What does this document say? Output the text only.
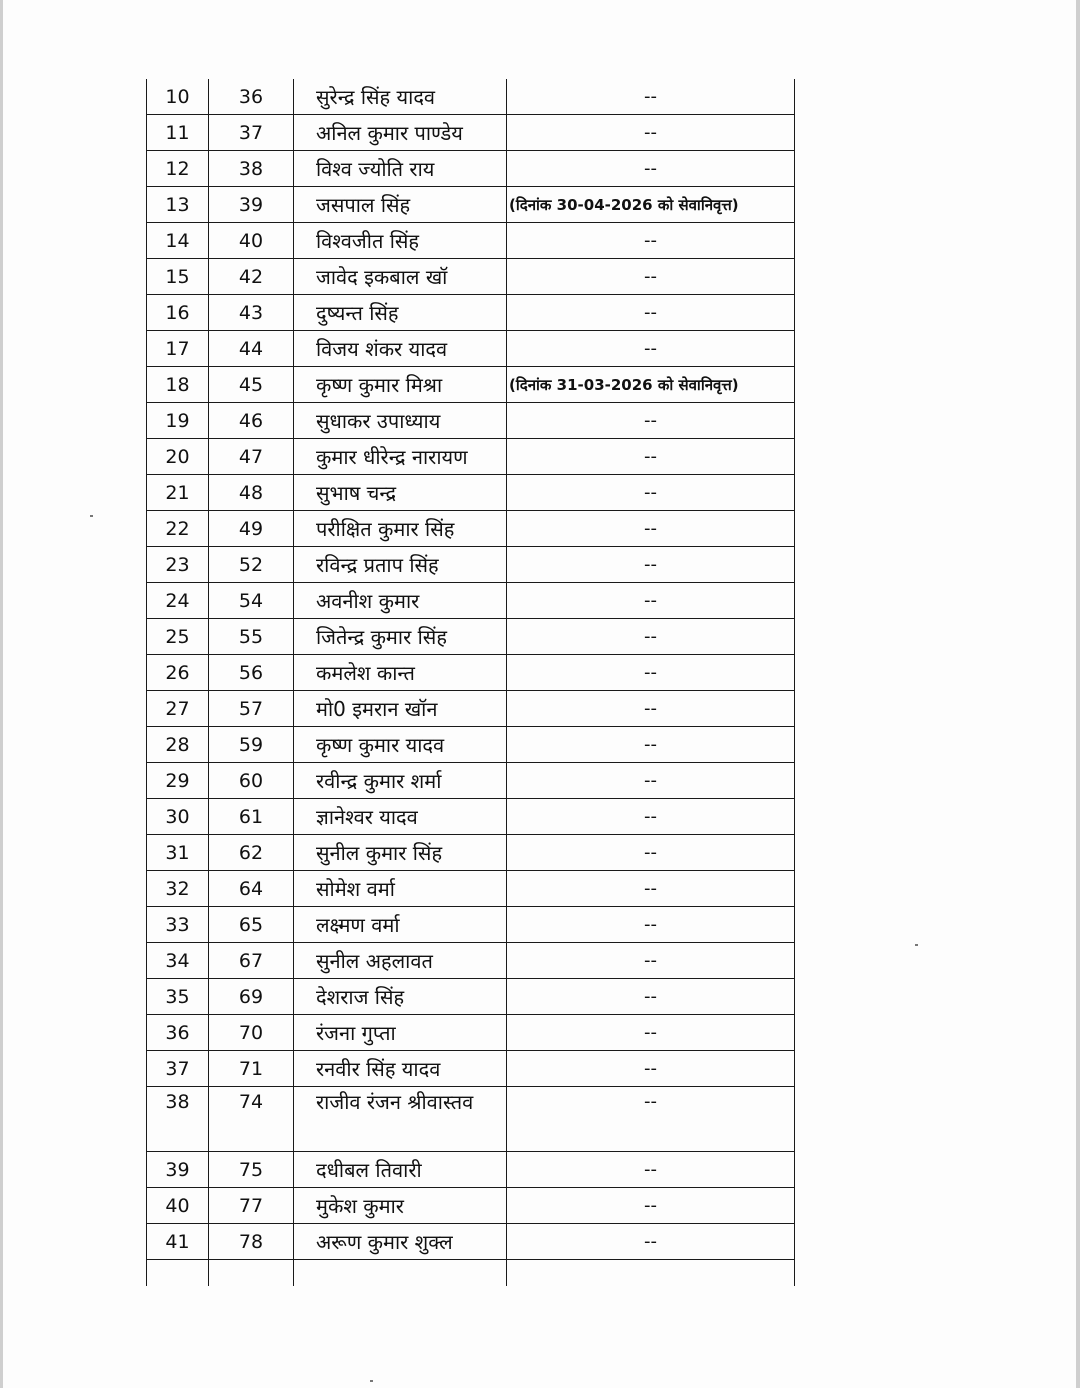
10	36	सुरेन्द्र सिंह यादव	--
11	37	अनिल कुमार पाण्डेय	--
12	38	विश्व ज्योति राय	--
13	39	जसपाल सिंह	(दिनांक 30-04-2026 को सेवानिवृत्त)
14	40	विश्वजीत सिंह	--
15	42	जावेद इकबाल खॉ	--
16	43	दुष्यन्त सिंह	--
17	44	विजय शंकर यादव	--
18	45	कृष्ण कुमार मिश्रा	(दिनांक 31-03-2026 को सेवानिवृत्त)
19	46	सुधाकर उपाध्याय	--
20	47	कुमार धीरेन्द्र नारायण	--
21	48	सुभाष चन्द्र	--
22	49	परीक्षित कुमार सिंह	--
23	52	रविन्द्र प्रताप सिंह	--
24	54	अवनीश कुमार	--
25	55	जितेन्द्र कुमार सिंह	--
26	56	कमलेश कान्त	--
27	57	मो0 इमरान खॉन	--
28	59	कृष्ण कुमार यादव	--
29	60	रवीन्द्र कुमार शर्मा	--
30	61	ज्ञानेश्वर यादव	--
31	62	सुनील कुमार सिंह	--
32	64	सोमेश वर्मा	--
33	65	लक्ष्मण वर्मा	--
34	67	सुनील अहलावत	--
35	69	देशराज सिंह	--
36	70	रंजना गुप्ता	--
37	71	रनवीर सिंह यादव	--
38	74	राजीव रंजन श्रीवास्तव	--
39	75	दधीबल तिवारी	--
40	77	मुकेश कुमार	--
41	78	अरूण कुमार शुक्ल	--
